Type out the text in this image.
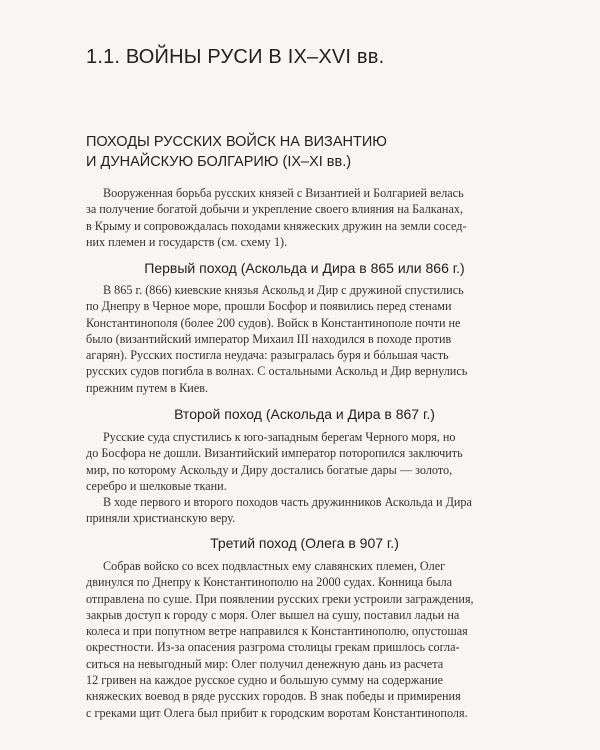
1.1. ВОЙНЫ РУСИ В IX–XVI вв.
ПОХОДЫ РУССКИХ ВОЙСК НА ВИЗАНТИЮ
И ДУНАЙСКУЮ БОЛГАРИЮ (IX–XI вв.)

Вооруженная борьба русских князей с Византией и Болгарией велась
за получение богатой добычи и укрепление своего влияния на Балканах,
в Крыму и сопровождалась походами княжеских дружин на земли сосед-
них племен и государств (см. схему 1).

Первый поход (Аскольда и Дира в 865 или 866 г.)

В 865 г. (866) киевские князья Аскольд и Дир с дружиной спустились
по Днепру в Черное море, прошли Босфор и появились перед стенами
Константинополя (более 200 судов). Войск в Константинополе почти не
было (византийский император Михаил III находился в походе против
агарян). Русских постигла неудача: разыгралась буря и бóльшая часть
русских судов погибла в волнах. С остальными Аскольд и Дир вернулись
прежним путем в Киев.

Второй поход (Аскольда и Дира в 867 г.)

Русские суда спустились к юго-западным берегам Черного моря, но
до Босфора не дошли. Византийский император поторопился заключить
мир, по которому Аскольду и Диру достались богатые дары — золото,
серебро и шелковые ткани.

В ходе первого и второго походов часть дружинников Аскольда и Дира
приняли христианскую веру.

Третий поход (Олега в 907 г.)

Собрав войско со всех подвластных ему славянских племен, Олег
двинулся по Днепру к Константинополю на 2000 судах. Конница была
отправлена по суше. При появлении русских греки устроили заграждения,
закрыв доступ к городу с моря. Олег вышел на сушу, поставил ладьи на
колеса и при попутном ветре направился к Константинополю, опустошая
окрестности. Из-за опасения разгрома столицы грекам пришлось согла-
ситься на невыгодный мир: Олег получил денежную дань из расчета
12 гривен на каждое русское судно и большую сумму на содержание
княжеских воевод в ряде русских городов. В знак победы и примирения
с греками щит Олега был прибит к городским воротам Константинополя.
